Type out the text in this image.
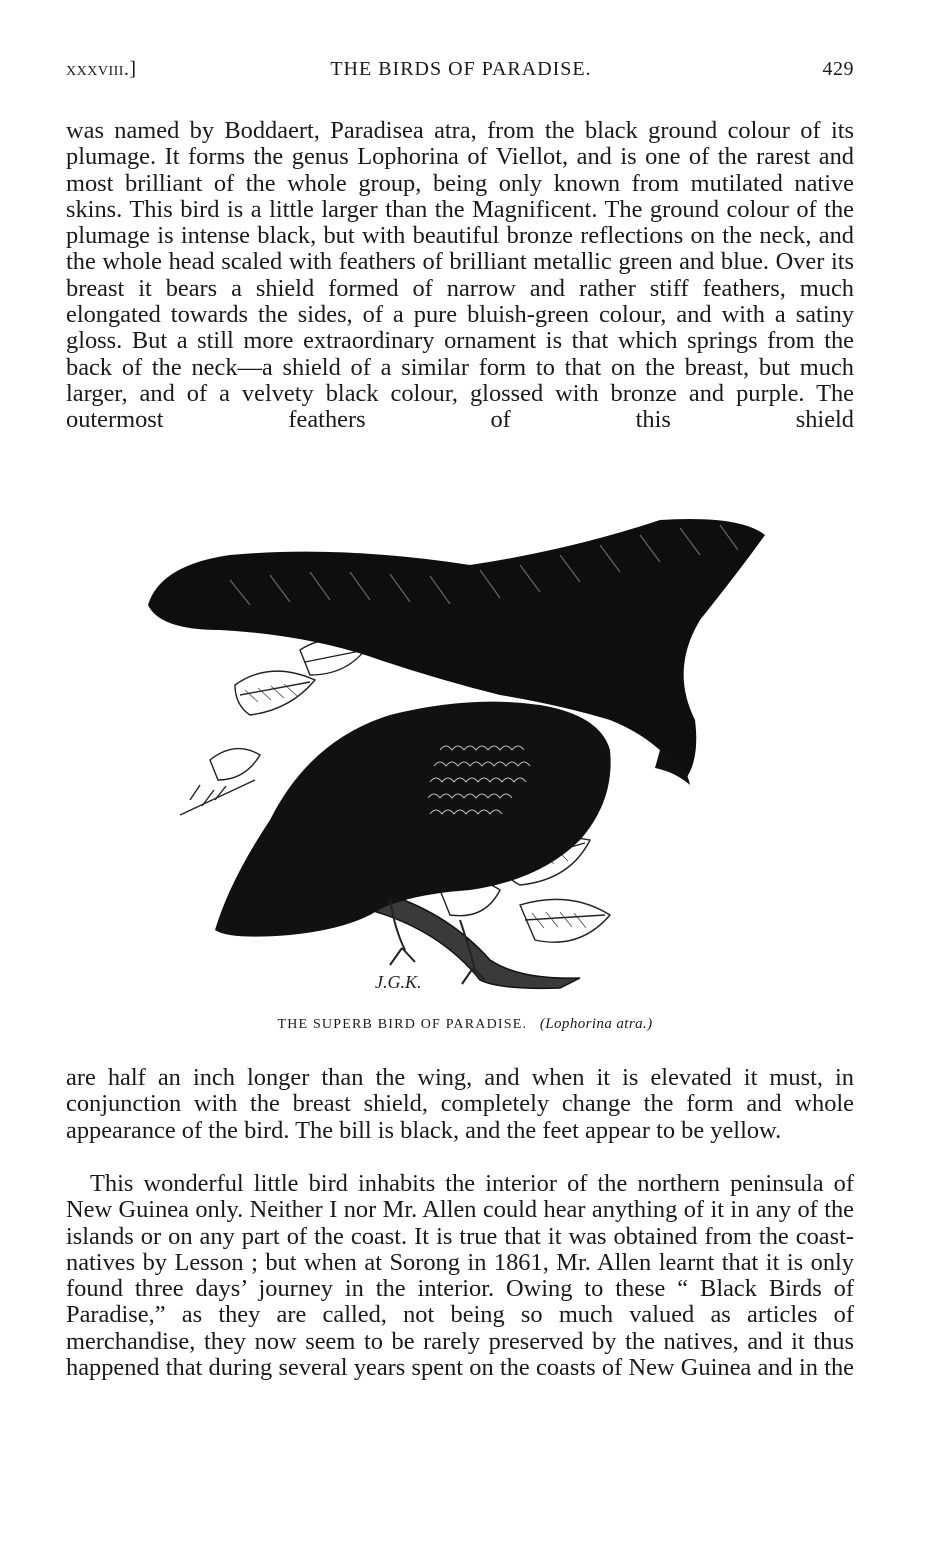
xxxviii.]	THE BIRDS OF PARADISE.	429

was named by Boddaert, Paradisea atra, from the black ground colour of its plumage. It forms the genus Lophorina of Viellot, and is one of the rarest and most brilliant of the whole group, being only known from mutilated native skins. This bird is a little larger than the Magnificent. The ground colour of the plumage is intense black, but with beautiful bronze reflections on the neck, and the whole head scaled with feathers of brilliant metallic green and blue. Over its breast it bears a shield formed of narrow and rather stiff feathers, much elongated towards the sides, of a pure bluish-green colour, and with a satiny gloss. But a still more extraordinary ornament is that which springs from the back of the neck—a shield of a similar form to that on the breast, but much larger, and of a velvety black colour, glossed with bronze and purple. The outermost feathers of this shield

J.G.K.
THE SUPERB BIRD OF PARADISE. (Lophorina atra.)

are half an inch longer than the wing, and when it is elevated it must, in conjunction with the breast shield, completely change the form and whole appearance of the bird. The bill is black, and the feet appear to be yellow.

This wonderful little bird inhabits the interior of the northern peninsula of New Guinea only. Neither I nor Mr. Allen could hear anything of it in any of the islands or on any part of the coast. It is true that it was obtained from the coast-natives by Lesson ; but when at Sorong in 1861, Mr. Allen learnt that it is only found three days’ journey in the interior. Owing to these “ Black Birds of Paradise,” as they are called, not being so much valued as articles of merchandise, they now seem to be rarely preserved by the natives, and it thus happened that during several years spent on the coasts of New Guinea and in the
